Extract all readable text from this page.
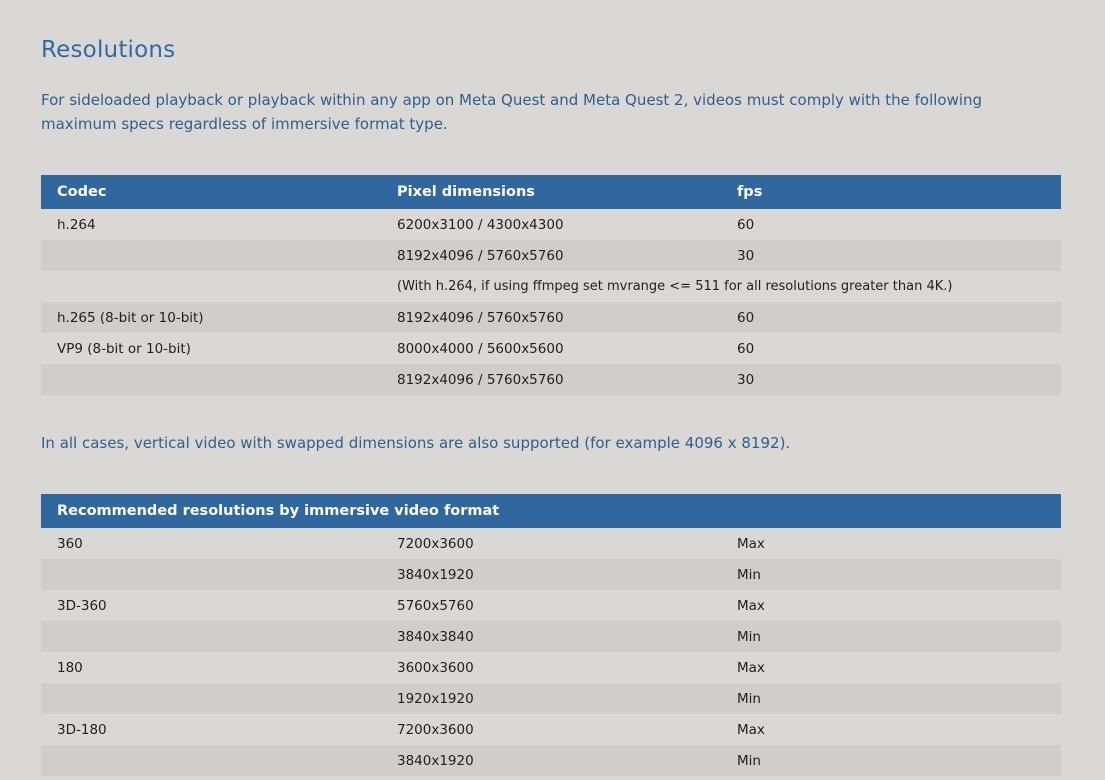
Resolutions

For sideloaded playback or playback within any app on Meta Quest and Meta Quest 2, videos must comply with the following maximum specs regardless of immersive format type.

Codec	Pixel dimensions	fps
h.264	6200x3100 / 4300x4300	60
	8192x4096 / 5760x5760	30
	(With h.264, if using ffmpeg set mvrange <= 511 for all resolutions greater than 4K.)	
h.265 (8-bit or 10-bit)	8192x4096 / 5760x5760	60
VP9 (8-bit or 10-bit)	8000x4000 / 5600x5600	60
	8192x4096 / 5760x5760	30

In all cases, vertical video with swapped dimensions are also supported (for example 4096 x 8192).

Recommended resolutions by immersive video format		
360	7200x3600	Max
	3840x1920	Min
3D-360	5760x5760	Max
	3840x3840	Min
180	3600x3600	Max
	1920x1920	Min
3D-180	7200x3600	Max
	3840x1920	Min
